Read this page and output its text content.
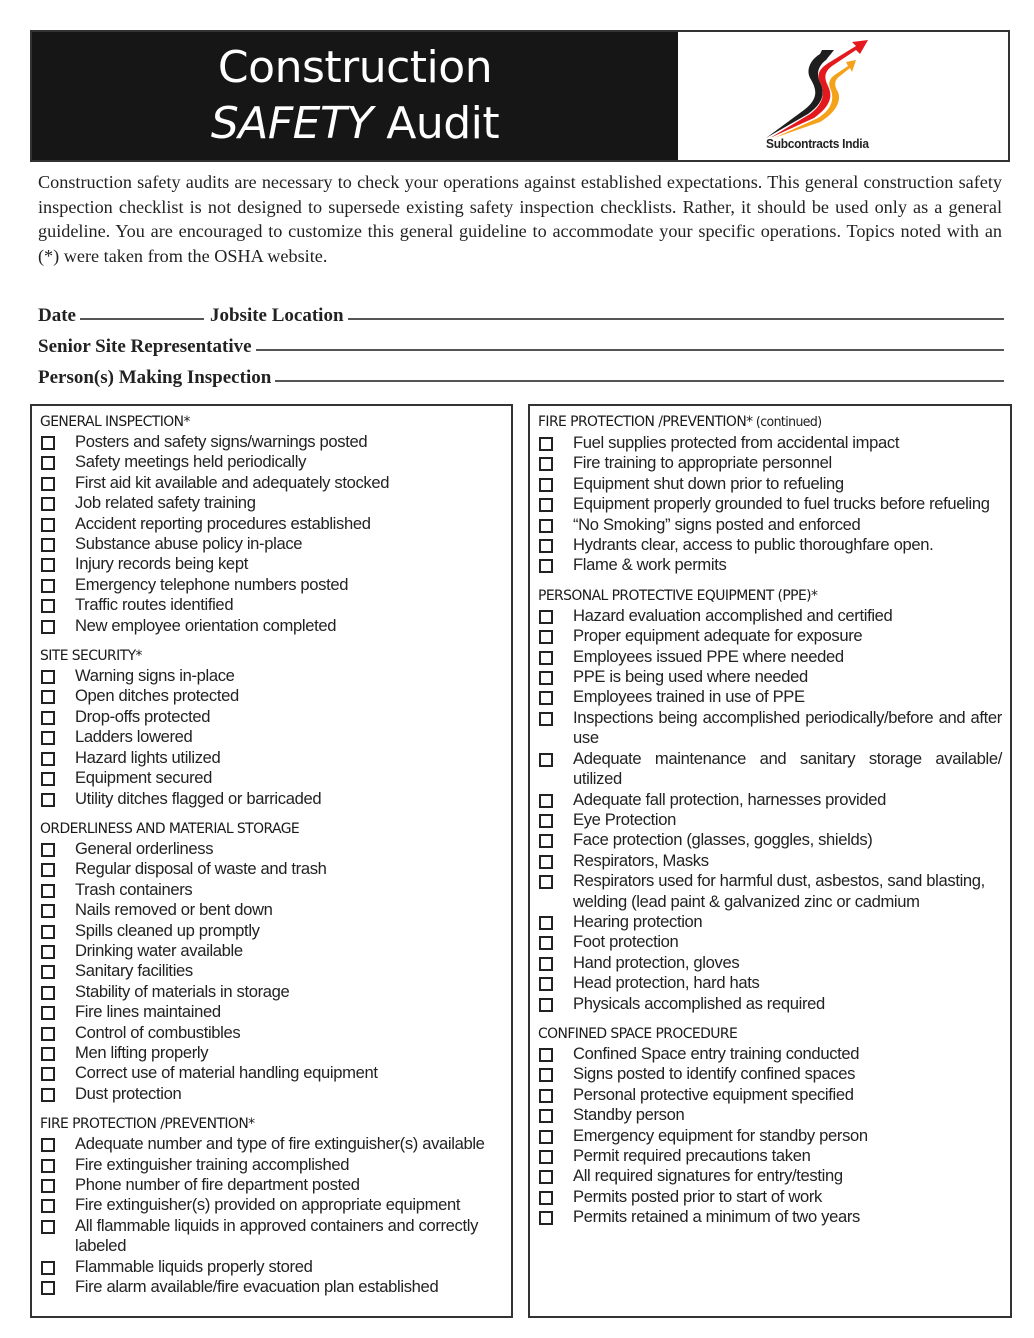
Construction
SAFETY Audit	Subcontracts India
Construction safety audits are necessary to check your operations against established expectations. This general construction safety inspection checklist is not designed to supersede existing safety inspection checklists. Rather, it should be used only as a general guideline. You are encouraged to customize this general guideline to accommodate your specific operations. Topics noted with an (*) were taken from the OSHA website.
Date	Jobsite Location
Senior Site Representative
Person(s) Making Inspection
GENERAL INSPECTION*
Posters and safety signs/warnings posted
Safety meetings held periodically
First aid kit available and adequately stocked
Job related safety training
Accident reporting procedures established
Substance abuse policy in-place
Injury records being kept
Emergency telephone numbers posted
Traffic routes identified
New employee orientation completed
SITE SECURITY*
Warning signs in-place
Open ditches protected
Drop-offs protected
Ladders lowered
Hazard lights utilized
Equipment secured
Utility ditches flagged or barricaded
ORDERLINESS AND MATERIAL STORAGE
General orderliness
Regular disposal of waste and trash
Trash containers
Nails removed or bent down
Spills cleaned up promptly
Drinking water available
Sanitary facilities
Stability of materials in storage
Fire lines maintained
Control of combustibles
Men lifting properly
Correct use of material handling equipment
Dust protection
FIRE PROTECTION /PREVENTION*
Adequate number and type of fire extinguisher(s) available
Fire extinguisher training accomplished
Phone number of fire department posted
Fire extinguisher(s) provided on appropriate equipment
All flammable liquids in approved containers and correctly labeled
Flammable liquids properly stored
Fire alarm available/fire evacuation plan established
FIRE PROTECTION /PREVENTION* (continued)
Fuel supplies protected from accidental impact
Fire training to appropriate personnel
Equipment shut down prior to refueling
Equipment properly grounded to fuel trucks before refueling
“No Smoking” signs posted and enforced
Hydrants clear, access to public thoroughfare open.
Flame & work permits
PERSONAL PROTECTIVE EQUIPMENT (PPE)*
Hazard evaluation accomplished and certified
Proper equipment adequate for exposure
Employees issued PPE where needed
PPE is being used where needed
Employees trained in use of PPE
Inspections being accomplished periodically/before and after use
Adequate maintenance and sanitary storage available/ utilized
Adequate fall protection, harnesses provided
Eye Protection
Face protection (glasses, goggles, shields)
Respirators, Masks
Respirators used for harmful dust, asbestos, sand blasting, welding (lead paint & galvanized zinc or cadmium
Hearing protection
Foot protection
Hand protection, gloves
Head protection, hard hats
Physicals accomplished as required
CONFINED SPACE PROCEDURE
Confined Space entry training conducted
Signs posted to identify confined spaces
Personal protective equipment specified
Standby person
Emergency equipment for standby person
Permit required precautions taken
All required signatures for entry/testing
Permits posted prior to start of work
Permits retained a minimum of two years
